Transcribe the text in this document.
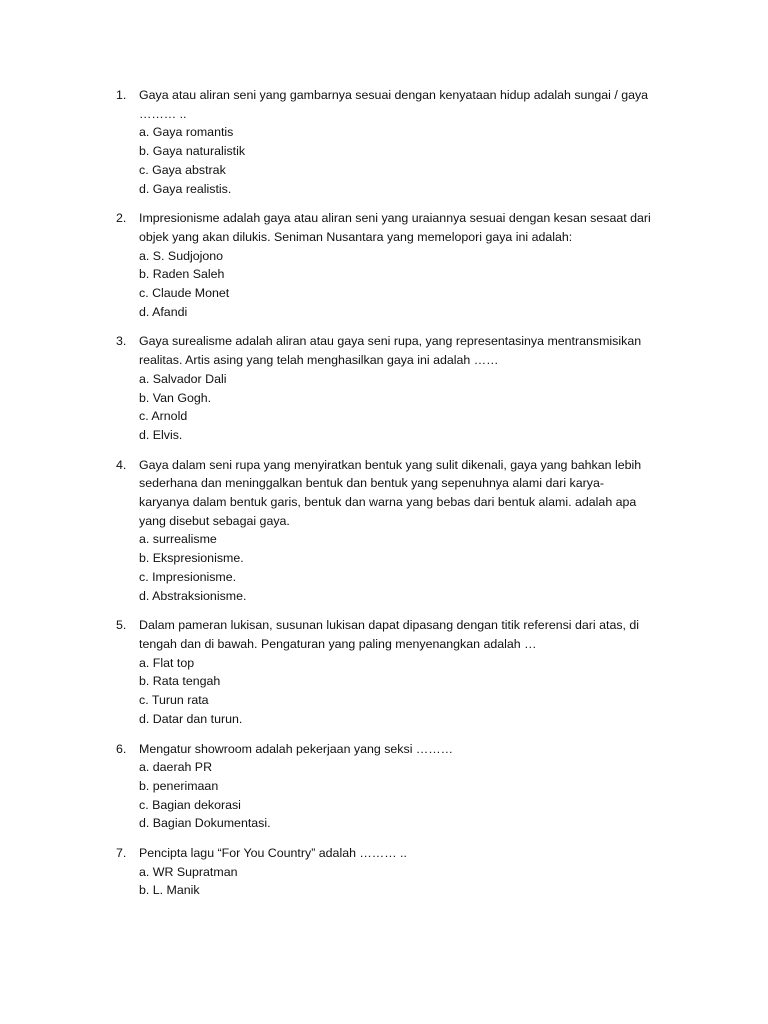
1. Gaya atau aliran seni yang gambarnya sesuai dengan kenyataan hidup adalah sungai / gaya
……… ..
a. Gaya romantis
b. Gaya naturalistik
c. Gaya abstrak
d. Gaya realistis.
2. Impresionisme adalah gaya atau aliran seni yang uraiannya sesuai dengan kesan sesaat dari
objek yang akan dilukis. Seniman Nusantara yang memelopori gaya ini adalah:
a. S. Sudjojono
b. Raden Saleh
c. Claude Monet
d. Afandi
3. Gaya surealisme adalah aliran atau gaya seni rupa, yang representasinya mentransmisikan
realitas. Artis asing yang telah menghasilkan gaya ini adalah ……
a. Salvador Dali
b. Van Gogh.
c. Arnold
d. Elvis.
4. Gaya dalam seni rupa yang menyiratkan bentuk yang sulit dikenali, gaya yang bahkan lebih
sederhana dan meninggalkan bentuk dan bentuk yang sepenuhnya alami dari karya-
karyanya dalam bentuk garis, bentuk dan warna yang bebas dari bentuk alami. adalah apa
yang disebut sebagai gaya.
a. surrealisme
b. Ekspresionisme.
c. Impresionisme.
d. Abstraksionisme.
5. Dalam pameran lukisan, susunan lukisan dapat dipasang dengan titik referensi dari atas, di
tengah dan di bawah. Pengaturan yang paling menyenangkan adalah …
a. Flat top
b. Rata tengah
c. Turun rata
d. Datar dan turun.
6. Mengatur showroom adalah pekerjaan yang seksi ………
a. daerah PR
b. penerimaan
c. Bagian dekorasi
d. Bagian Dokumentasi.
7. Pencipta lagu “For You Country” adalah ……… ..
a. WR Supratman
b. L. Manik
